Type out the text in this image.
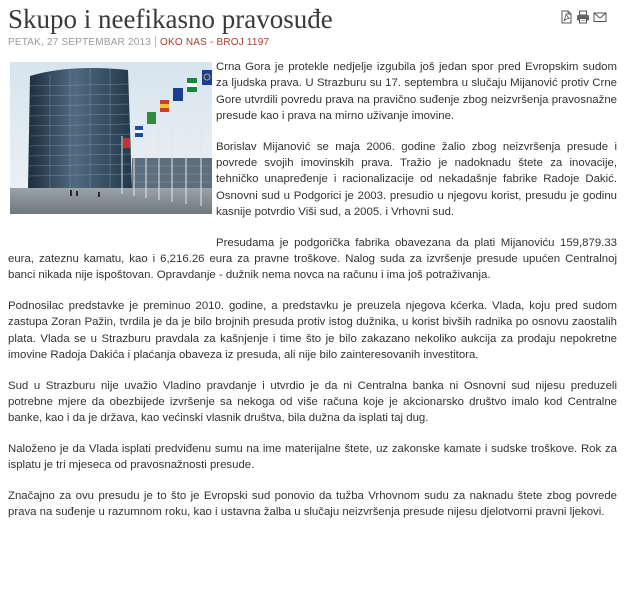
Skupo i neefikasno pravosuđe
PETAK, 27 SEPTEMBAR 2013 OKO NAS - BROJ 1197

Crna Gora je protekle nedjelje izgubila još jedan spor pred Evropskim sudom za ljudska prava. U Strazburu su 17. septembra u slučaju Mijanović protiv Crne Gore utvrdili povredu prava na pravično suđenje zbog neizvršenja pravosnažne presude kao i prava na mirno uživanje imovine.

Borislav Mijanović se maja 2006. godine žalio zbog neizvršenja presude i povrede svojih imovinskih prava. Tražio je nadoknadu štete za inovacije, tehničko unapređenje i racionalizacije od nekadašnje fabrike Radoje Dakić. Osnovni sud u Podgorici je 2003. presudio u njegovu korist, presudu je godinu kasnije potvrdio Viši sud, a 2005. i Vrhovni sud.

Presudama je podgorička fabrika obavezana da plati Mijanoviću 159,879.33 eura, zateznu kamatu, kao i 6,216.26 eura za pravne troškove. Nalog suda za izvršenje presude upućen Centralnoj banci nikada nije ispoštovan. Opravdanje - dužnik nema novca na računu i ima još potraživanja.

Podnosilac predstavke je preminuo 2010. godine, a predstavku je preuzela njegova kćerka. Vlada, koju pred sudom zastupa Zoran Pažin, tvrdila je da je bilo brojnih presuda protiv istog dužnika, u korist bivših radnika po osnovu zaostalih plata. Vlada se u Strazburu pravdala za kašnjenje i time što je bilo zakazano nekoliko aukcija za prodaju nepokretne imovine Radoja Dakića i plaćanja obaveza iz presuda, ali nije bilo zainteresovanih investitora.

Sud u Strazburu nije uvažio Vladino pravdanje i utvrdio je da ni Centralna banka ni Osnovni sud nijesu preduzeli potrebne mjere da obezbijede izvršenje sa nekoga od više računa koje je akcionarsko društvo imalo kod Centralne banke, kao i da je država, kao većinski vlasnik društva, bila dužna da isplati taj dug.

Naloženo je da Vlada isplati predviđenu sumu na ime materijalne štete, uz zakonske kamate i sudske troškove. Rok za isplatu je tri mjeseca od pravosnažnosti presude.

Značajno za ovu presudu je to što je Evropski sud ponovio da tužba Vrhovnom sudu za naknadu štete zbog povrede prava na suđenje u razumnom roku, kao i ustavna žalba u slučaju neizvršenja presude nijesu djelotvorni pravni ljekovi.
